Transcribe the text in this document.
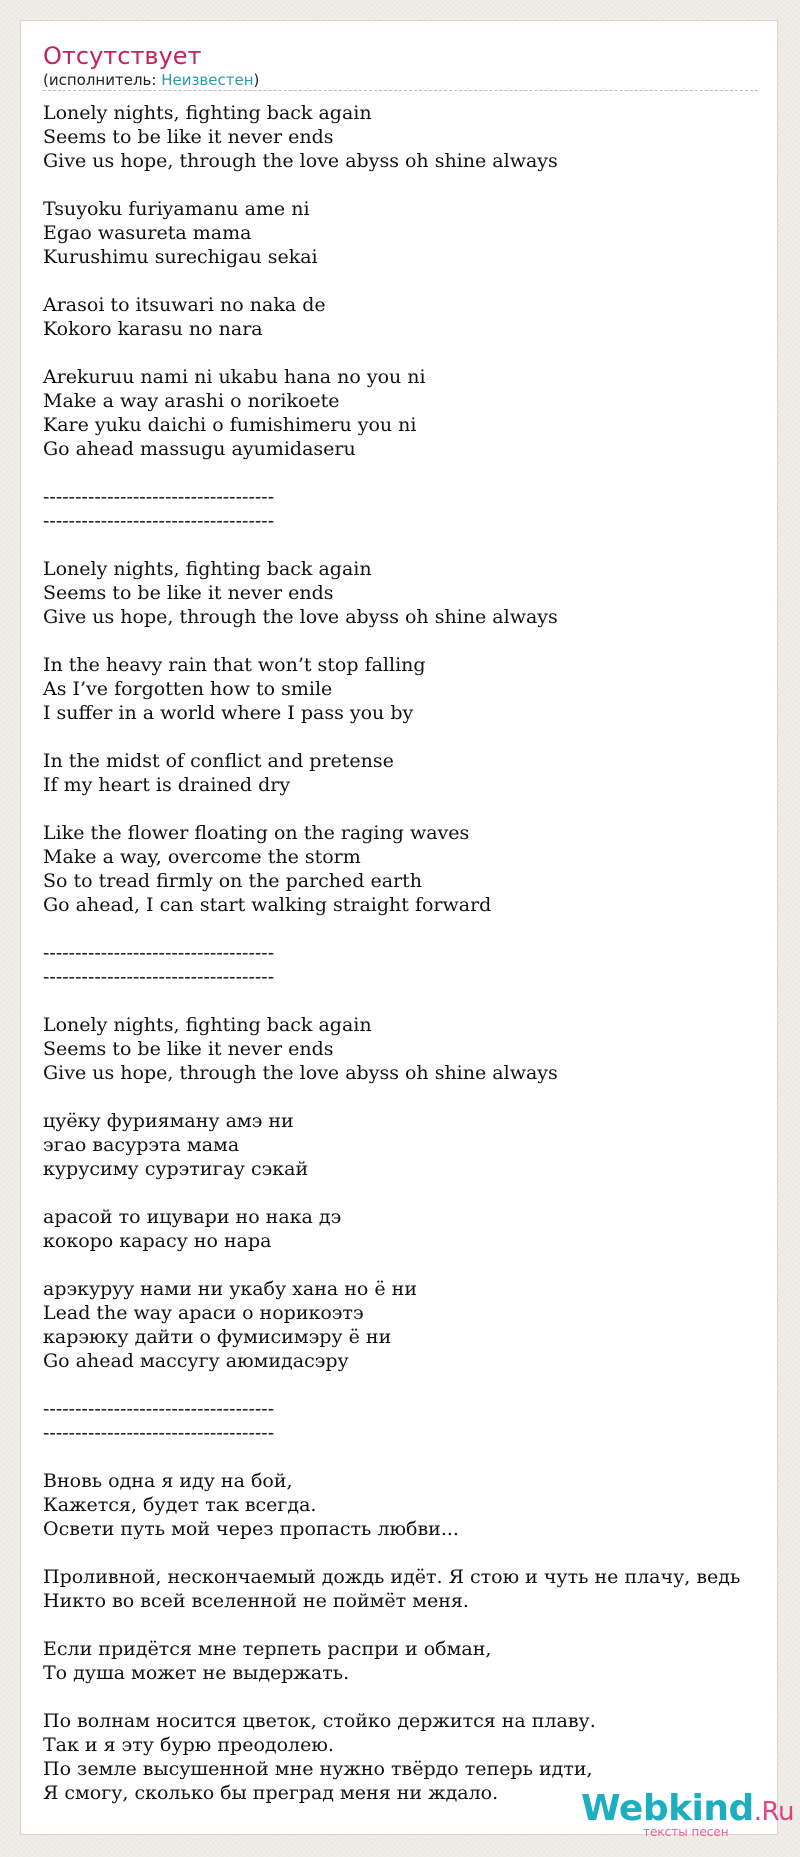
Отсутствует
(исполнитель: Неизвестен)
Lonely nights, fighting back again
Seems to be like it never ends
Give us hope, through the love abyss oh shine always
Tsuyoku furiyamanu ame ni
Egao wasureta mama
Kurushimu surechigau sekai
Arasoi to itsuwari no naka de
Kokoro karasu no nara
Arekuruu nami ni ukabu hana no you ni
Make a way arashi o norikoete
Kare yuku daichi o fumishimeru you ni
Go ahead massugu ayumidaseru
------------------------------------
------------------------------------
Lonely nights, fighting back again
Seems to be like it never ends
Give us hope, through the love abyss oh shine always
In the heavy rain that won’t stop falling
As I’ve forgotten how to smile
I suffer in a world where I pass you by
In the midst of conflict and pretense
If my heart is drained dry
Like the flower floating on the raging waves
Make a way, overcome the storm
So to tread firmly on the parched earth
Go ahead, I can start walking straight forward
------------------------------------
------------------------------------
Lonely nights, fighting back again
Seems to be like it never ends
Give us hope, through the love abyss oh shine always
цуёку фурияману амэ ни
эгао васурэта мама
курусиму сурэтигау сэкай
арасой то ицувари но нака дэ
кокоро карасу но нара
арэкурyу нами ни укабу хана но ё ни
Lead the way араси о норикоэтэ
карэюку дайти о фумисимэру ё ни
Go ahead массугу аюмидасэру
------------------------------------
------------------------------------
Вновь одна я иду на бой,
Кажется, будет так всегда.
Освети путь мой через пропасть любви...
Проливной, нескончаемый дождь идёт. Я стою и чуть не плачу, ведь
Никто во всей вселенной не поймёт меня.
Если придётся мне терпеть распри и обман,
То душа может не выдержать.
По волнам носится цветок, стойко держится на плаву.
Так и я эту бурю преодолею.
По земле высушенной мне нужно твёрдо теперь идти,
Я смогу, сколько бы преград меня ни ждало.	Webkind.Ru
тексты песен
